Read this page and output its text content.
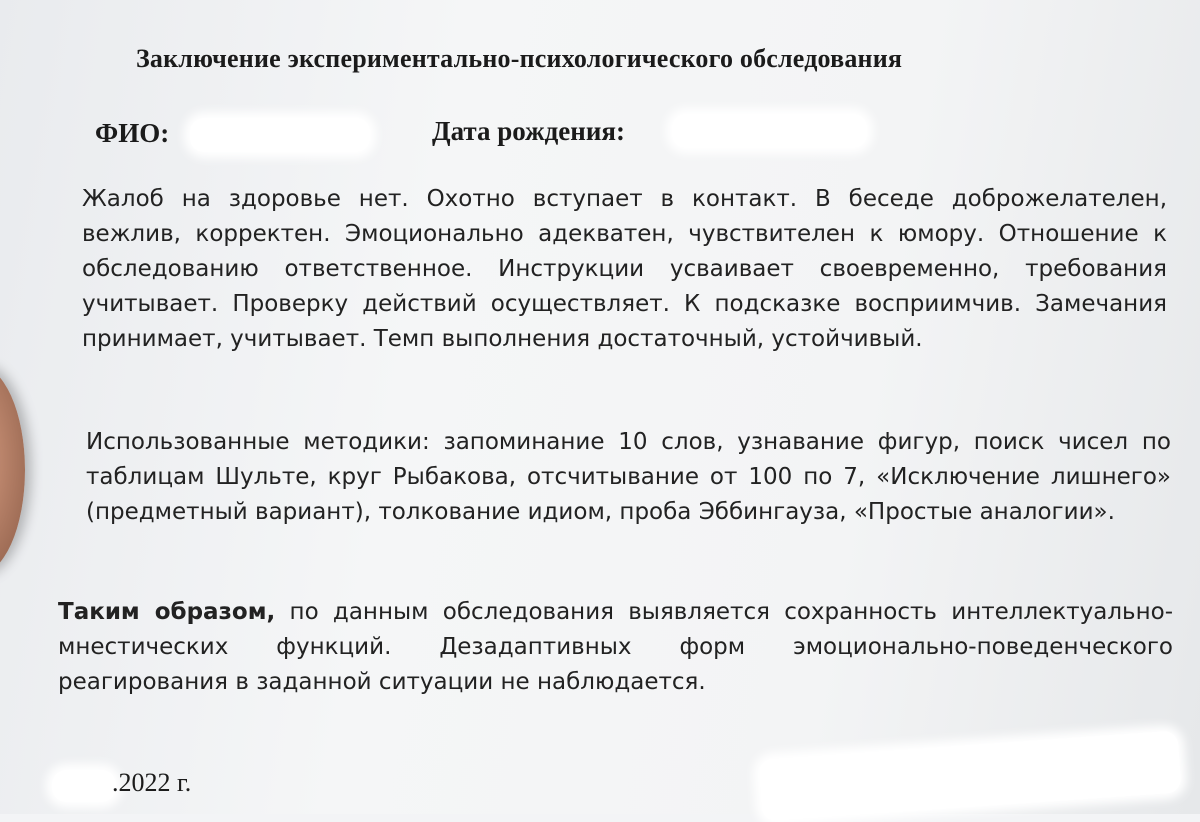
Заключение экспериментально-психологического обследования
ФИО:	Дата рождения:

Жалоб на здоровье нет. Охотно вступает в контакт. В беседе доброжелателен, вежлив, корректен. Эмоционально адекватен, чувствителен к юмору. Отношение к обследованию ответственное. Инструкции усваивает своевременно, требования учитывает. Проверку действий осуществляет. К подсказке восприимчив. Замечания принимает, учитывает. Темп выполнения достаточный, устойчивый.

Использованные методики: запоминание 10 слов, узнавание фигур, поиск чисел по таблицам Шульте, круг Рыбакова, отсчитывание от 100 по 7, «Исключение лишнего» (предметный вариант), толкование идиом, проба Эббингауза, «Простые аналогии».

Таким образом, по данным обследования выявляется сохранность интеллектуально-мнестических функций. Дезадаптивных форм эмоционально-поведенческого реагирования в заданной ситуации не наблюдается.

.2022 г.
